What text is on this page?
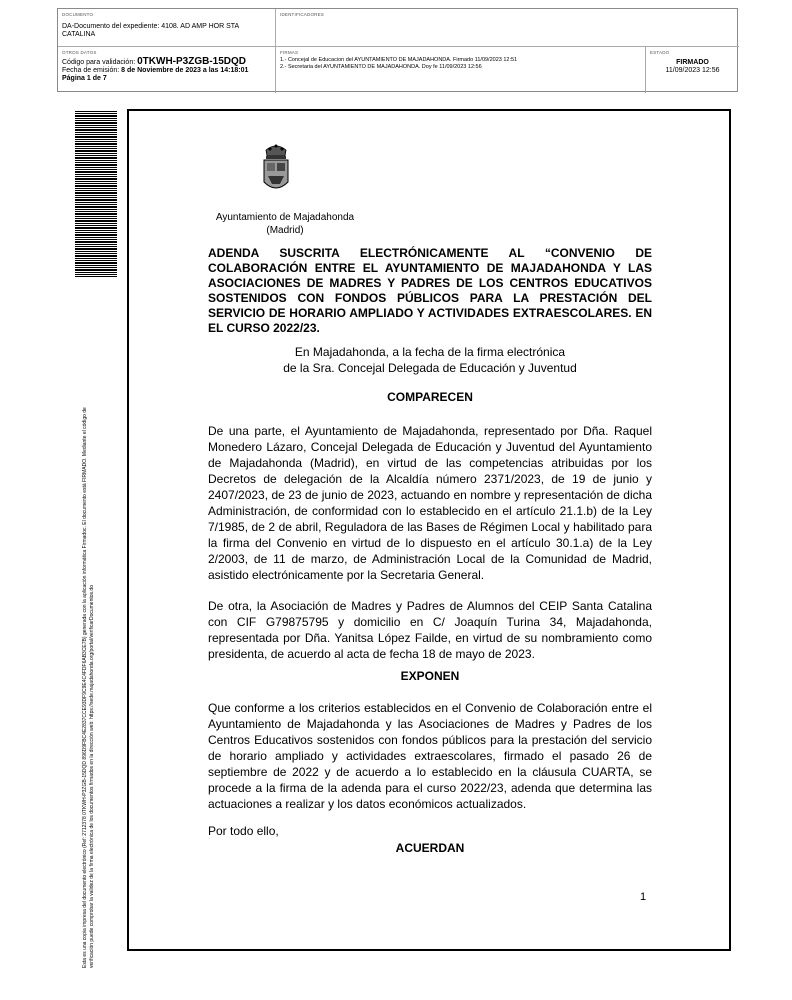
DOCUMENTO
DA-Documento del expediente: 4108. AD AMP HOR STA CATALINA
IDENTIFICADORES
OTROS DATOS
Código para validación: 0TKWH-P3ZGB-15DQD
Fecha de emisión: 8 de Noviembre de 2023 a las 14:18:01
Página 1 de 7
FIRMAS
1.- Concejal de Educacion del AYUNTAMIENTO DE MAJADAHONDA. Firmado 11/09/2023 12:51
2.- Secretaria del AYUNTAMIENTO DE MAJADAHONDA. Doy fe 11/09/2023 12:56
ESTADO
FIRMADO
11/09/2023 12:56
Esta es una copia impresa del documento electrónico (Ref: 2712378 0TKWH-P3ZGB-15DQD 896D9FBC4E2837CCE93DF9C9E4C4FDF6AB3CE7B) generada con la aplicación informática Firmadoc. El documento está FIRMADO. Mediante el código de verificación puede comprobar la validez de la firma electrónica de los documentos firmados en la dirección web: https://sede.majadahonda.org/portal/verificarDocumentos.do
Ayuntamiento de Majadahonda
(Madrid)
ADENDA SUSCRITA ELECTRÓNICAMENTE AL “CONVENIO DE COLABORACIÓN ENTRE EL AYUNTAMIENTO DE MAJADAHONDA Y LAS ASOCIACIONES DE MADRES Y PADRES DE LOS CENTROS EDUCATIVOS SOSTENIDOS CON FONDOS PÚBLICOS PARA LA PRESTACIÓN DEL SERVICIO DE HORARIO AMPLIADO Y ACTIVIDADES EXTRAESCOLARES. EN EL CURSO 2022/23.
En Majadahonda, a la fecha de la firma electrónica
de la Sra. Concejal Delegada de Educación y Juventud
COMPARECEN
De una parte, el Ayuntamiento de Majadahonda, representado por Dña. Raquel Monedero Lázaro, Concejal Delegada de Educación y Juventud del Ayuntamiento de Majadahonda (Madrid), en virtud de las competencias atribuidas por los Decretos de delegación de la Alcaldía número 2371/2023, de 19 de junio y 2407/2023, de 23 de junio de 2023, actuando en nombre y representación de dicha Administración, de conformidad con lo establecido en el artículo 21.1.b) de la Ley 7/1985, de 2 de abril, Reguladora de las Bases de Régimen Local y habilitado para la firma del Convenio en virtud de lo dispuesto en el artículo 30.1.a) de la Ley 2/2003, de 11 de marzo, de Administración Local de la Comunidad de Madrid, asistido electrónicamente por la Secretaria General.
De otra, la Asociación de Madres y Padres de Alumnos del CEIP Santa Catalina con CIF G79875795 y domicilio en C/ Joaquín Turina 34, Majadahonda, representada por Dña. Yanitsa López Failde, en virtud de su nombramiento como presidenta, de acuerdo al acta de fecha 18 de mayo de 2023.
EXPONEN
Que conforme a los criterios establecidos en el Convenio de Colaboración entre el Ayuntamiento de Majadahonda y las Asociaciones de Madres y Padres de los Centros Educativos sostenidos con fondos públicos para la prestación del servicio de horario ampliado y actividades extraescolares, firmado el pasado 26 de septiembre de 2022 y de acuerdo a lo establecido en la cláusula CUARTA, se procede a la firma de la adenda para el curso 2022/23, adenda que determina las actuaciones a realizar y los datos económicos actualizados.
Por todo ello,
ACUERDAN
1
